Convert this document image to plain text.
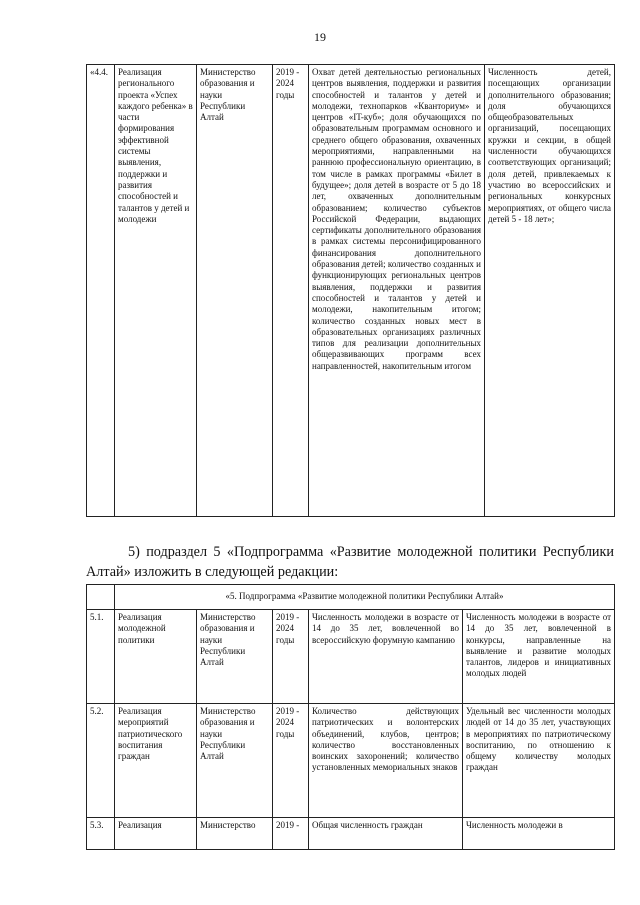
19
«4.4.	Реализация регионального проекта «Успех каждого ребенка» в части формирования эффективной системы выявления, поддержки и развития способностей и талантов у детей и молодежи	Министерство образования и науки Республики Алтай	2019 - 2024 годы	Охват детей деятельностью региональных центров выявления, поддержки и развития способностей и талантов у детей и молодежи, технопарков «Кванториум» и центров «IT-куб»; доля обучающихся по образовательным программам основного и среднего общего образования, охваченных мероприятиями, направленными на раннюю профессиональную ориентацию, в том числе в рамках программы «Билет в будущее»; доля детей в возрасте от 5 до 18 лет, охваченных дополнительным образованием; количество субъектов Российской Федерации, выдающих сертификаты дополнительного образования в рамках системы персонифицированного финансирования дополнительного образования детей; количество созданных и функционирующих региональных центров выявления, поддержки и развития способностей и талантов у детей и молодежи, накопительным итогом; количество созданных новых мест в образовательных организациях различных типов для реализации дополнительных общеразвивающих программ всех направленностей, накопительным итогом	Численность детей, посещающих организации дополнительного образования; доля обучающихся общеобразовательных организаций, посещающих кружки и секции, в общей численности обучающихся соответствующих организаций; доля детей, привлекаемых к участию во всероссийских и региональных конкурсных мероприятиях, от общего числа детей 5 - 18 лет»;

5) подраздел 5 «Подпрограмма «Развитие молодежной политики Республики Алтай» изложить в следующей редакции:

	«5. Подпрограмма «Развитие молодежной политики Республики Алтай»				
5.1.	Реализация молодежной политики	Министерство образования и науки Республики Алтай	2019 - 2024 годы	Численность молодежи в возрасте от 14 до 35 лет, вовлеченной во всероссийскую форумную кампанию	Численность молодежи в возрасте от 14 до 35 лет, вовлеченной в конкурсы, направленные на выявление и развитие молодых талантов, лидеров и инициативных молодых людей
5.2.	Реализация мероприятий патриотического воспитания граждан	Министерство образования и науки Республики Алтай	2019 - 2024 годы	Количество действующих патриотических и волонтерских объединений, клубов, центров; количество восстановленных воинских захоронений; количество установленных мемориальных знаков	Удельный вес численности молодых людей от 14 до 35 лет, участвующих в мероприятиях по патриотическому воспитанию, по отношению к общему количеству молодых граждан
5.3.	Реализация	Министерство	2019 -	Общая численность граждан	Численность молодежи в
